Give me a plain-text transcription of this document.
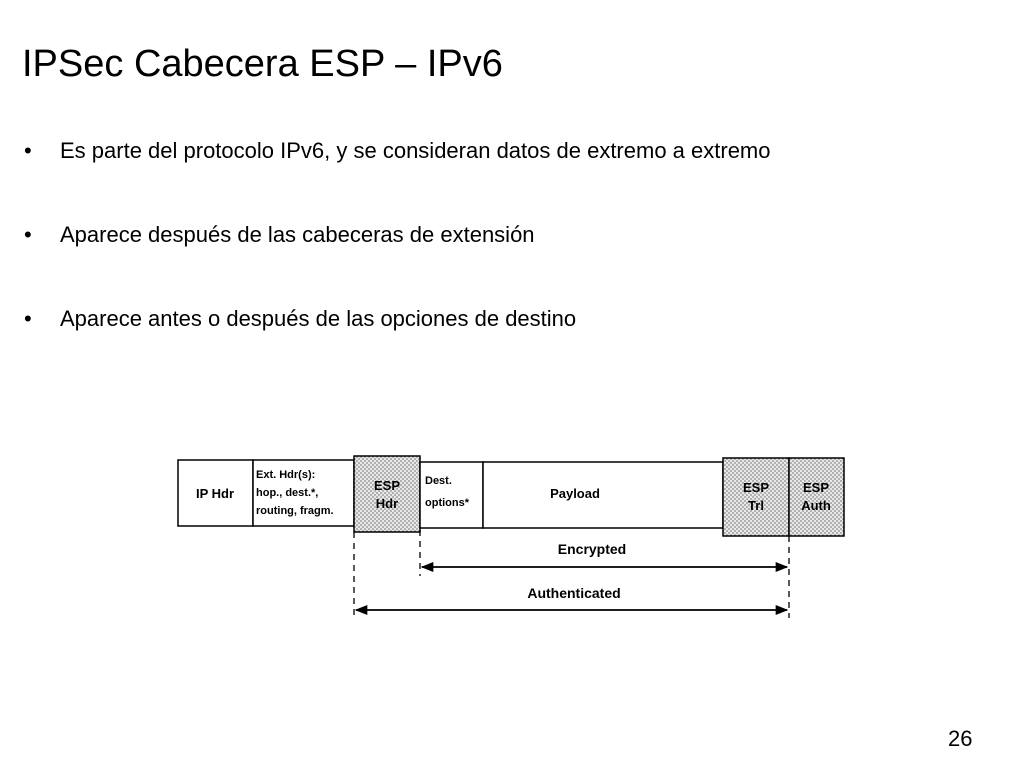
IPSec Cabecera ESP – IPv6
•	Es parte del protocolo IPv6, y se consideran datos de extremo a extremo
•	Aparece después de las cabeceras de extensión
•	Aparece antes o después de las opciones de destino
IP Hdr
Ext. Hdr(s):
hop., dest.*,
routing, fragm.
ESP
Hdr
Dest.
options*
Payload	ESP
Trl
ESP
Auth
Encrypted
Authenticated
26
